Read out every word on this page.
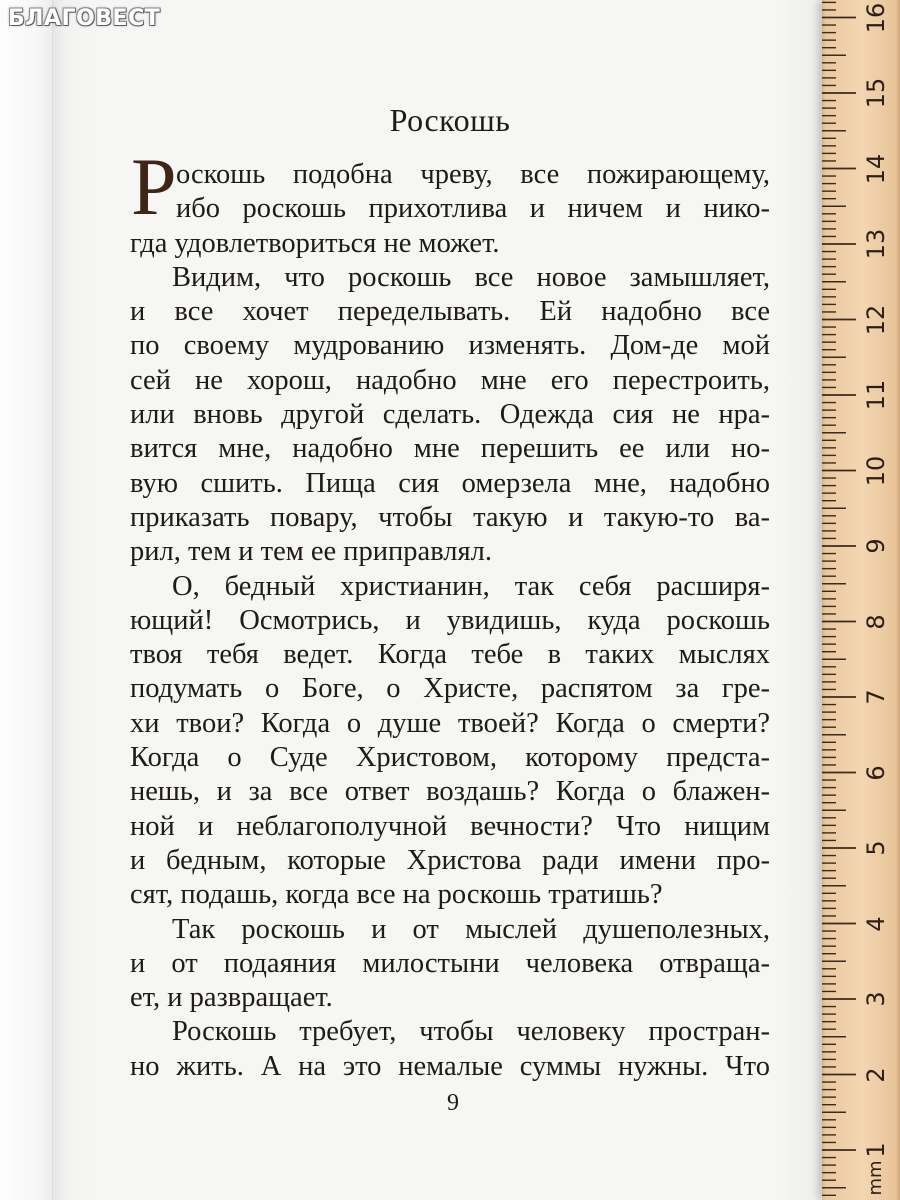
БЛАГОВЕСТ
Роскошь
Р оскошь подобна чреву, все пожирающему,
ибо роскошь прихотлива и ничем и нико-
гда удовлетвориться не может.
Видим, что роскошь все новое замышляет,
и все хочет переделывать. Ей надобно все
по своему мудрованию изменять. Дом-де мой
сей не хорош, надобно мне его перестроить,
или вновь другой сделать. Одежда сия не нра-
вится мне, надобно мне перешить ее или но-
вую сшить. Пища сия омерзела мне, надобно
приказать повару, чтобы такую и такую-то ва-
рил, тем и тем ее приправлял.
О, бедный христианин, так себя расширя-
ющий! Осмотрись, и увидишь, куда роскошь
твоя тебя ведет. Когда тебе в таких мыслях
подумать о Боге, о Христе, распятом за гре-
хи твои? Когда о душе твоей? Когда о смерти?
Когда о Суде Христовом, которому предста-
нешь, и за все ответ воздашь? Когда о блажен-
ной и неблагополучной вечности? Что нищим
и бедным, которые Христова ради имени про-
сят, подашь, когда все на роскошь тратишь?
Так роскошь и от мыслей душеполезных,
и от подаяния милостыни человека отвраща-
ет, и развращает.
Роскошь требует, чтобы человеку простран-
но жить. А на это немалые суммы нужны. Что
9
1
2
3
4
5
6
7
8
9
10
11
12
13
14
15
16
mm
